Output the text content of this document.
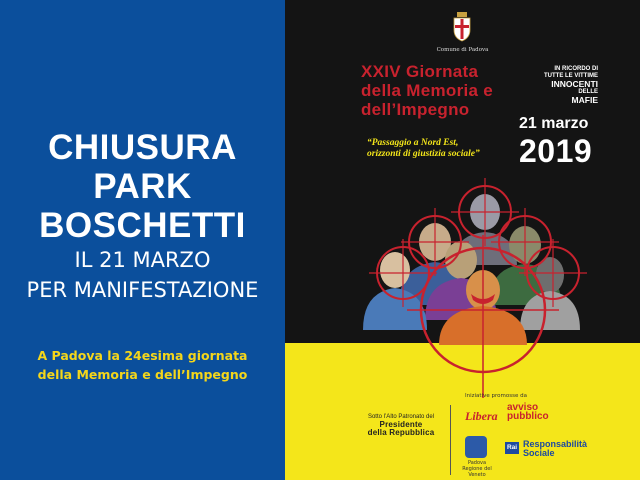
CHIUSURA
PARK
BOSCHETTI
IL 21 MARZO
PER MANIFESTAZIONE
A Padova la 24esima giornata
della Memoria e dell’Impegno
Comune di Padova
XXIV Giornata
della Memoria e
dell’Impegno
IN RICORDO DI
TUTTE LE VITTIME
INNOCENTI
DELLE
MAFIE
21 marzo
2019
“Passaggio a Nord Est,
orizzonti di giustizia sociale”
Sotto l’Alto Patronato del
Presidente
della Repubblica
Iniziative promosse da
Libera
avviso
pubblico
Padova
Regione del Veneto
Rai Responsabilità
Sociale
